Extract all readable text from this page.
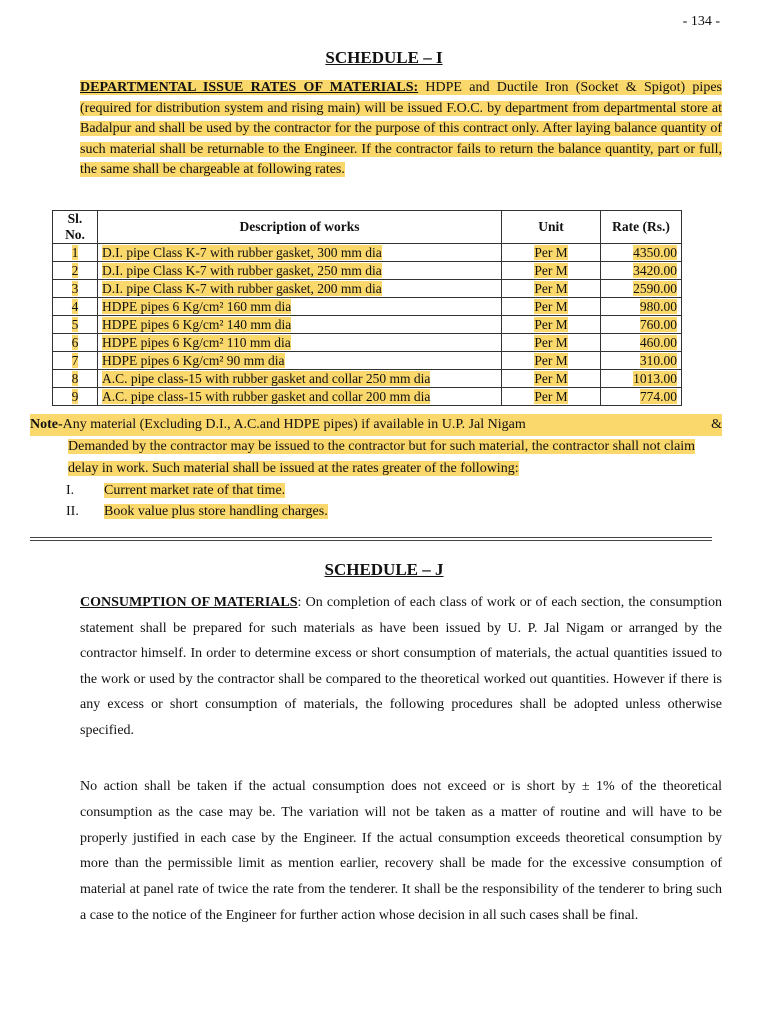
- 134 -
SCHEDULE – I
DEPARTMENTAL ISSUE RATES OF MATERIALS: HDPE and Ductile Iron (Socket & Spigot) pipes (required for distribution system and rising main) will be issued F.O.C. by department from departmental store at Badalpur and shall be used by the contractor for the purpose of this contract only. After laying balance quantity of such material shall be returnable to the Engineer. If the contractor fails to return the balance quantity, part or full, the same shall be chargeable at following rates.
Sl. No.	Description of works	Unit	Rate (Rs.)
1	D.I. pipe Class K-7 with rubber gasket, 300 mm dia	Per M	4350.00
2	D.I. pipe Class K-7 with rubber gasket, 250 mm dia	Per M	3420.00
3	D.I. pipe Class K-7 with rubber gasket, 200 mm dia	Per M	2590.00
4	HDPE pipes 6 Kg/cm² 160 mm dia	Per M	980.00
5	HDPE pipes 6 Kg/cm² 140 mm dia	Per M	760.00
6	HDPE pipes 6 Kg/cm² 110 mm dia	Per M	460.00
7	HDPE pipes 6 Kg/cm² 90 mm dia	Per M	310.00
8	A.C. pipe class-15 with rubber gasket and collar 250 mm dia	Per M	1013.00
9	A.C. pipe class-15 with rubber gasket and collar 200 mm dia	Per M	774.00
Note-Any material (Excluding D.I., A.C.and HDPE pipes) if available in U.P. Jal Nigam	&
Demanded by the contractor may be issued to the contractor but for such material, the contractor shall not claim delay in work. Such material shall be issued at the rates greater of the following:
I. Current market rate of that time.
II. Book value plus store handling charges.
SCHEDULE – J
CONSUMPTION OF MATERIALS: On completion of each class of work or of each section, the consumption statement shall be prepared for such materials as have been issued by U. P. Jal Nigam or arranged by the contractor himself. In order to determine excess or short consumption of materials, the actual quantities issued to the work or used by the contractor shall be compared to the theoretical worked out quantities. However if there is any excess or short consumption of materials, the following procedures shall be adopted unless otherwise specified.
No action shall be taken if the actual consumption does not exceed or is short by ± 1% of the theoretical consumption as the case may be. The variation will not be taken as a matter of routine and will have to be properly justified in each case by the Engineer. If the actual consumption exceeds theoretical consumption by more than the permissible limit as mention earlier, recovery shall be made for the excessive consumption of material at panel rate of twice the rate from the tenderer. It shall be the responsibility of the tenderer to bring such a case to the notice of the Engineer for further action whose decision in all such cases shall be final.
